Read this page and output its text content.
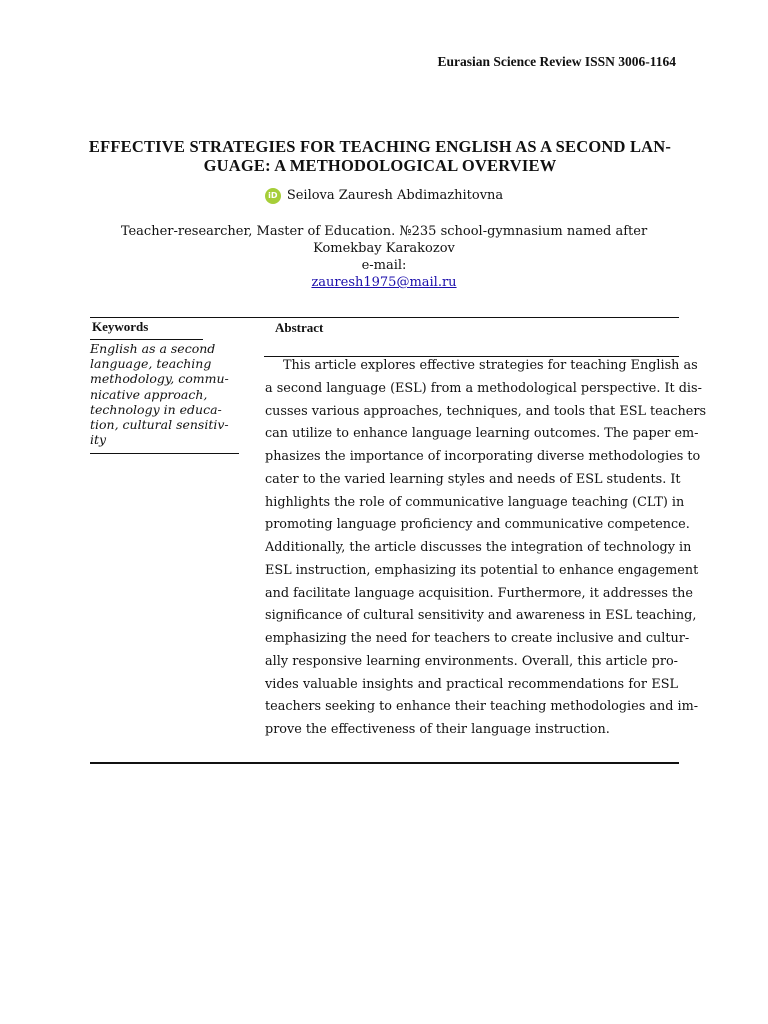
Eurasian Science Review ISSN 3006-1164
EFFECTIVE STRATEGIES FOR TEACHING ENGLISH AS A SECOND LAN-
GUAGE: A METHODOLOGICAL OVERVIEW
iD Seilova Zauresh Abdimazhitovna
Teacher-researcher, Master of Education. №235 school-gymnasium named after
Komekbay Karakozov
e-mail:
zauresh1975@mail.ru
Keywords
English as a second
language, teaching
methodology, commu-
nicative approach,
technology in educa-
tion, cultural sensitiv-
ity
Abstract
This article explores effective strategies for teaching English as
a second language (ESL) from a methodological perspective. It dis-
cusses various approaches, techniques, and tools that ESL teachers
can utilize to enhance language learning outcomes. The paper em-
phasizes the importance of incorporating diverse methodologies to
cater to the varied learning styles and needs of ESL students. It
highlights the role of communicative language teaching (CLT) in
promoting language proficiency and communicative competence.
Additionally, the article discusses the integration of technology in
ESL instruction, emphasizing its potential to enhance engagement
and facilitate language acquisition. Furthermore, it addresses the
significance of cultural sensitivity and awareness in ESL teaching,
emphasizing the need for teachers to create inclusive and cultur-
ally responsive learning environments. Overall, this article pro-
vides valuable insights and practical recommendations for ESL
teachers seeking to enhance their teaching methodologies and im-
prove the effectiveness of their language instruction.
